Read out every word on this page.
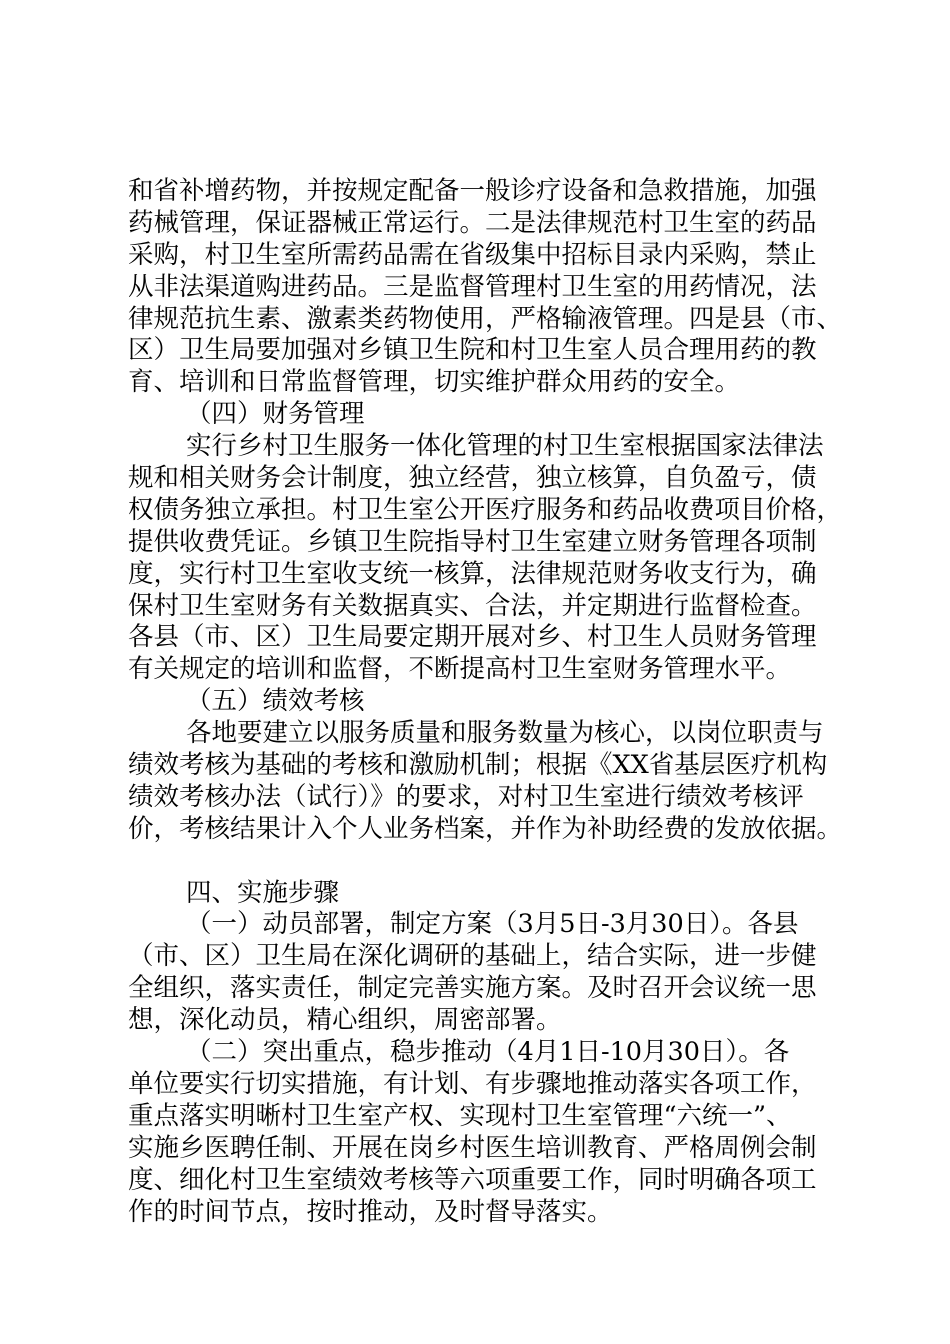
和省补增药物，并按规定配备一般诊疗设备和急救措施，加强
药械管理，保证器械正常运行。二是法律规范村卫生室的药品
采购，村卫生室所需药品需在省级集中招标目录内采购，禁止
从非法渠道购进药品。三是监督管理村卫生室的用药情况，法
律规范抗生素、激素类药物使用，严格输液管理。四是县（市、
区）卫生局要加强对乡镇卫生院和村卫生室人员合理用药的教
育、培训和日常监督管理，切实维护群众用药的安全。
（四）财务管理
实行乡村卫生服务一体化管理的村卫生室根据国家法律法
规和相关财务会计制度，独立经营，独立核算，自负盈亏，债
权债务独立承担。村卫生室公开医疗服务和药品收费项目价格，
提供收费凭证。乡镇卫生院指导村卫生室建立财务管理各项制
度，实行村卫生室收支统一核算，法律规范财务收支行为，确
保村卫生室财务有关数据真实、合法，并定期进行监督检查。
各县（市、区）卫生局要定期开展对乡、村卫生人员财务管理
有关规定的培训和监督，不断提高村卫生室财务管理水平。
（五）绩效考核
各地要建立以服务质量和服务数量为核心，以岗位职责与
绩效考核为基础的考核和激励机制；根据《XX省基层医疗机构
绩效考核办法（试行）》的要求，对村卫生室进行绩效考核评
价，考核结果计入个人业务档案，并作为补助经费的发放依据。
四、实施步骤
（一）动员部署，制定方案（3月5日-3月30日）。各县
（市、区）卫生局在深化调研的基础上，结合实际，进一步健
全组织，落实责任，制定完善实施方案。及时召开会议统一思
想，深化动员，精心组织，周密部署。
（二）突出重点，稳步推动（4月1日-10月30日）。各
单位要实行切实措施，有计划、有步骤地推动落实各项工作，
重点落实明晰村卫生室产权、实现村卫生室管理“六统一”、
实施乡医聘任制、开展在岗乡村医生培训教育、严格周例会制
度、细化村卫生室绩效考核等六项重要工作，同时明确各项工
作的时间节点，按时推动，及时督导落实。
